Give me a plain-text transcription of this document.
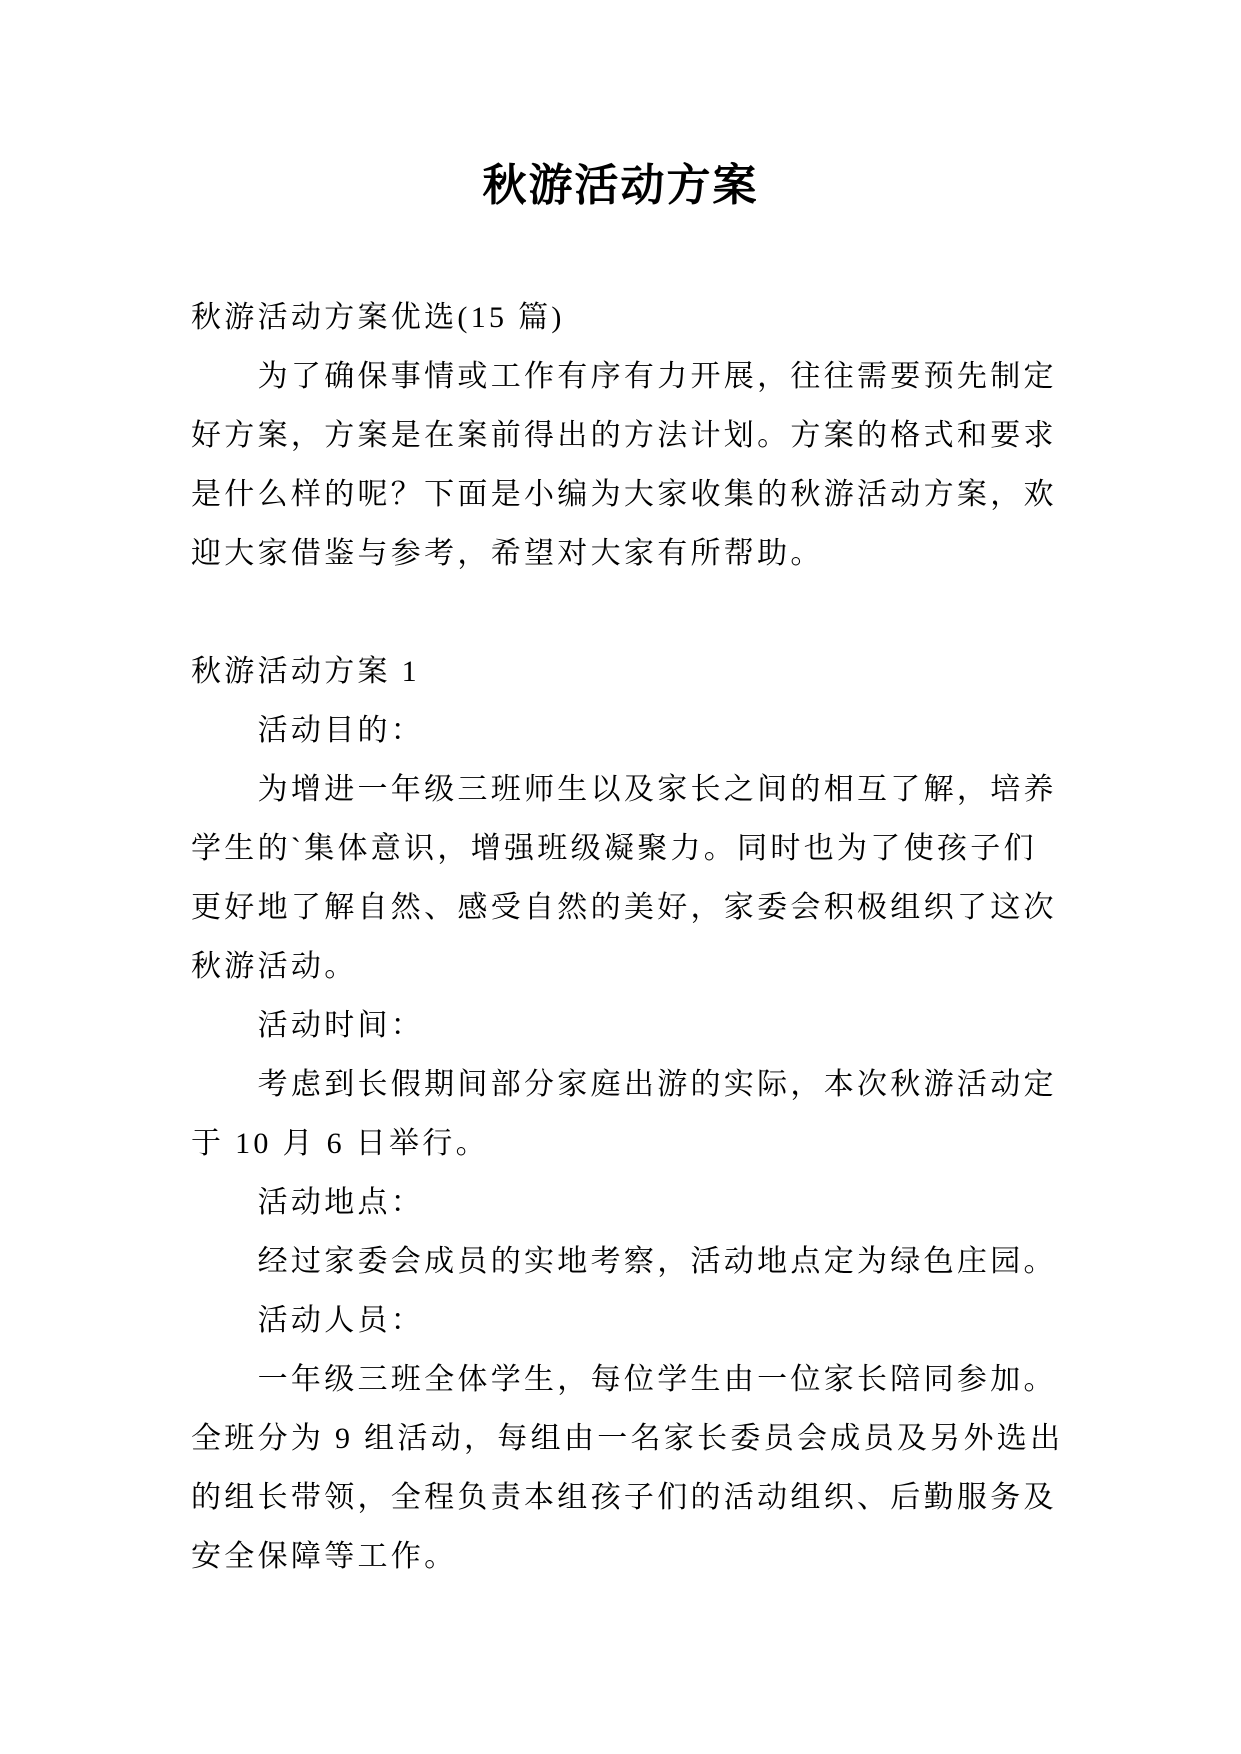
秋游活动方案
秋游活动方案优选(15 篇)
为了确保事情或工作有序有力开展，往往需要预先制定
好方案，方案是在案前得出的方法计划。方案的格式和要求
是什么样的呢？下面是小编为大家收集的秋游活动方案，欢
迎大家借鉴与参考，希望对大家有所帮助。
秋游活动方案 1
活动目的：
为增进一年级三班师生以及家长之间的相互了解，培养
学生的`集体意识，增强班级凝聚力。同时也为了使孩子们
更好地了解自然、感受自然的美好，家委会积极组织了这次
秋游活动。
活动时间：
考虑到长假期间部分家庭出游的实际，本次秋游活动定
于 10 月 6 日举行。
活动地点：
经过家委会成员的实地考察，活动地点定为绿色庄园。
活动人员：
一年级三班全体学生，每位学生由一位家长陪同参加。
全班分为 9 组活动，每组由一名家长委员会成员及另外选出
的组长带领，全程负责本组孩子们的活动组织、后勤服务及
安全保障等工作。
